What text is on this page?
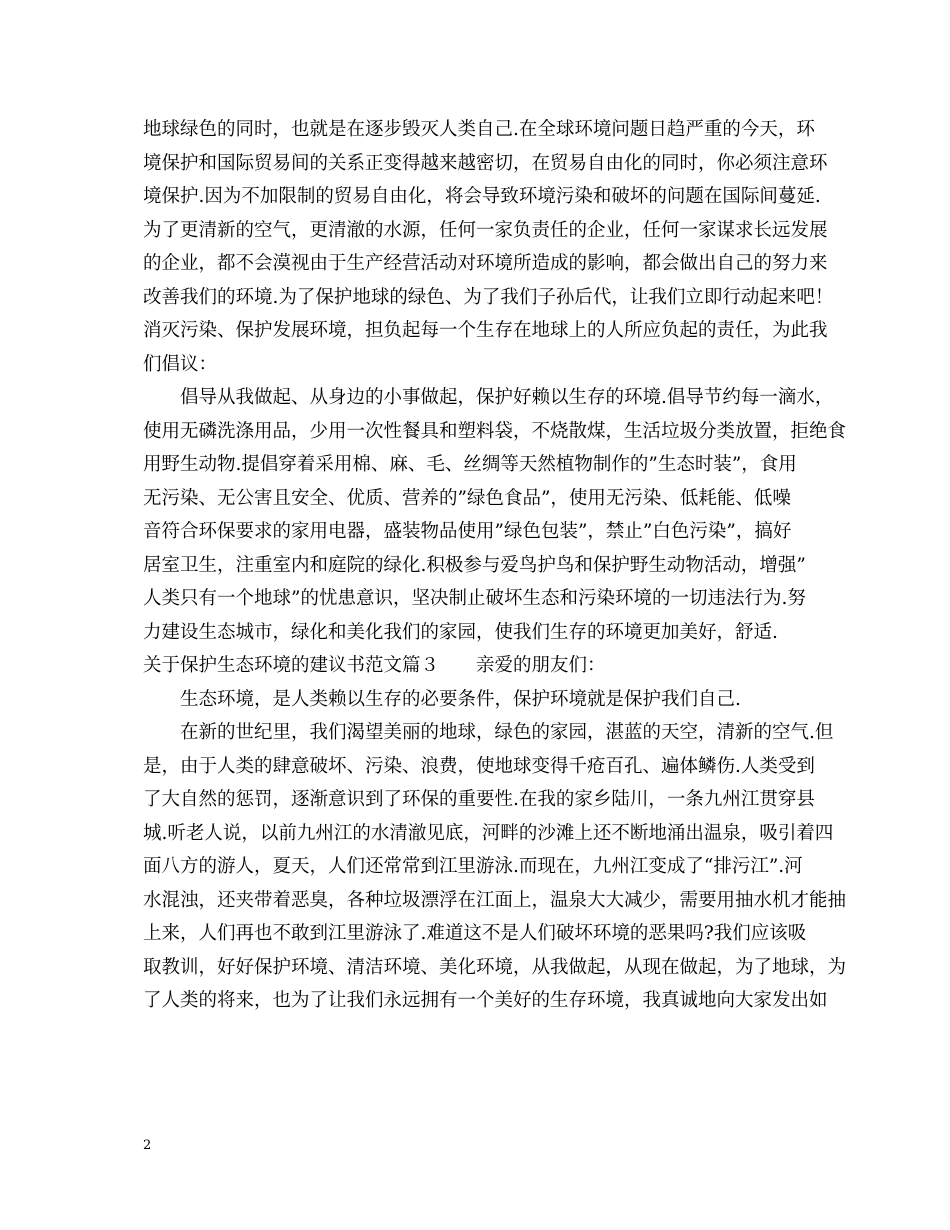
地球绿色的同时，也就是在逐步毁灭人类自己.在全球环境问题日趋严重的今天，环
境保护和国际贸易间的关系正变得越来越密切，在贸易自由化的同时，你必须注意环
境保护.因为不加限制的贸易自由化，将会导致环境污染和破坏的问题在国际间蔓延.
为了更清新的空气，更清澈的水源，任何一家负责任的企业，任何一家谋求长远发展
的企业，都不会漠视由于生产经营活动对环境所造成的影响，都会做出自己的努力来
改善我们的环境.为了保护地球的绿色、为了我们子孙后代，让我们立即行动起来吧！
消灭污染、保护发展环境，担负起每一个生存在地球上的人所应负起的责任，为此我
们倡议：
　　倡导从我做起、从身边的小事做起，保护好赖以生存的环境.倡导节约每一滴水，
使用无磷洗涤用品，少用一次性餐具和塑料袋，不烧散煤，生活垃圾分类放置，拒绝食
用野生动物.提倡穿着采用棉、麻、毛、丝绸等天然植物制作的”生态时装”，食用
无污染、无公害且安全、优质、营养的”绿色食品”，使用无污染、低耗能、低噪
音符合环保要求的家用电器，盛装物品使用”绿色包装”，禁止”白色污染”，搞好
居室卫生，注重室内和庭院的绿化.积极参与爱鸟护鸟和保护野生动物活动，增强”
人类只有一个地球”的忧患意识，坚决制止破坏生态和污染环境的一切违法行为.努
力建设生态城市，绿化和美化我们的家园，使我们生存的环境更加美好，舒适.
关于保护生态环境的建议书范文篇３　　亲爱的朋友们：
　　生态环境，是人类赖以生存的必要条件，保护环境就是保护我们自己.
　　在新的世纪里，我们渴望美丽的地球，绿色的家园，湛蓝的天空，清新的空气.但
是，由于人类的肆意破坏、污染、浪费，使地球变得千疮百孔、遍体鳞伤.人类受到
了大自然的惩罚，逐渐意识到了环保的重要性.在我的家乡陆川，一条九州江贯穿县
城.听老人说，以前九州江的水清澈见底，河畔的沙滩上还不断地涌出温泉，吸引着四
面八方的游人，夏天，人们还常常到江里游泳.而现在，九州江变成了“排污江”.河
水混浊，还夹带着恶臭，各种垃圾漂浮在江面上，温泉大大减少，需要用抽水机才能抽
上来，人们再也不敢到江里游泳了.难道这不是人们破坏环境的恶果吗?我们应该吸
取教训，好好保护环境、清洁环境、美化环境，从我做起，从现在做起，为了地球，为
了人类的将来，也为了让我们永远拥有一个美好的生存环境，我真诚地向大家发出如
2
